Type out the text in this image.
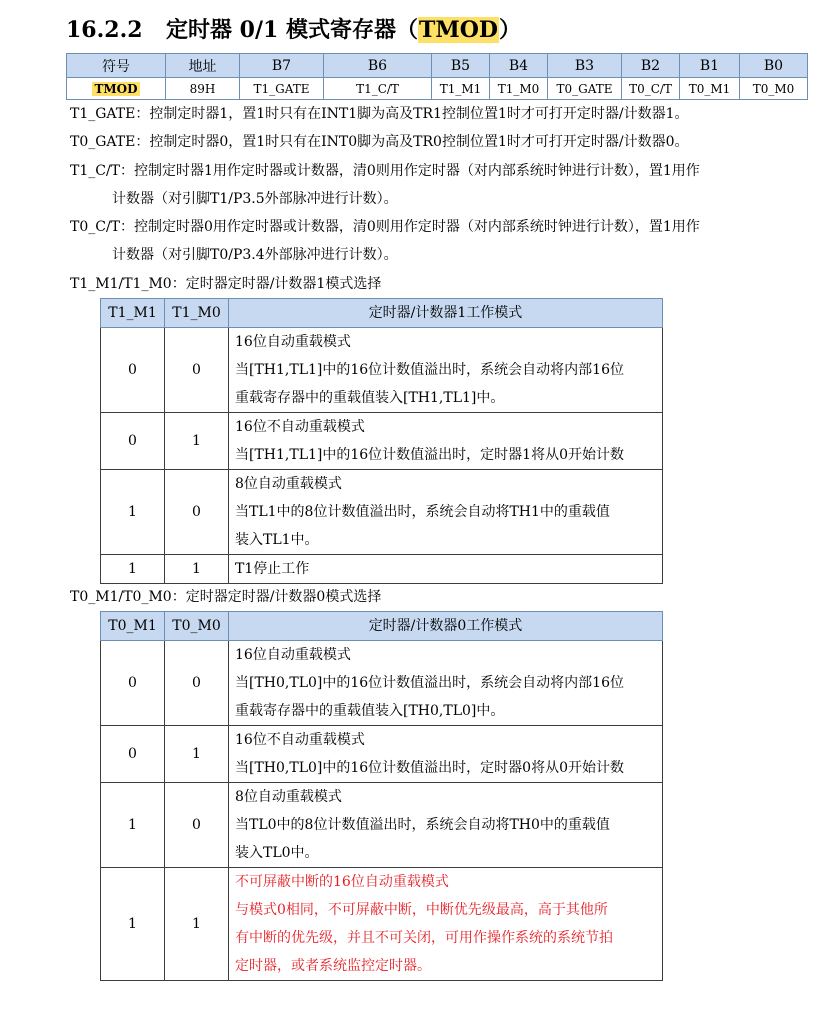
16.2.2 定时器 0/1 模式寄存器（TMOD）
符号	地址	B7	B6	B5	B4	B3	B2	B1	B0
TMOD	89H	T1_GATE	T1_C/T	T1_M1	T1_M0	T0_GATE	T0_C/T	T0_M1	T0_M0
T1_GATE：控制定时器1，置1时只有在INT1脚为高及TR1控制位置1时才可打开定时器/计数器1。
T0_GATE：控制定时器0，置1时只有在INT0脚为高及TR0控制位置1时才可打开定时器/计数器0。
T1_C/T：控制定时器1用作定时器或计数器，清0则用作定时器（对内部系统时钟进行计数），置1用作
计数器（对引脚T1/P3.5外部脉冲进行计数）。
T0_C/T：控制定时器0用作定时器或计数器，清0则用作定时器（对内部系统时钟进行计数），置1用作
计数器（对引脚T0/P3.4外部脉冲进行计数）。
T1_M1/T1_M0：定时器定时器/计数器1模式选择
T1_M1	T1_M0	定时器/计数器1工作模式
0	0	16位自动重载模式
当[TH1,TL1]中的16位计数值溢出时，系统会自动将内部16位
重载寄存器中的重载值装入[TH1,TL1]中。

0	1	16位不自动重载模式
当[TH1,TL1]中的16位计数值溢出时，定时器1将从0开始计数

1	0	8位自动重载模式
当TL1中的8位计数值溢出时，系统会自动将TH1中的重载值
装入TL1中。

1	1	T1停止工作
T0_M1/T0_M0：定时器定时器/计数器0模式选择
T0_M1	T0_M0	定时器/计数器0工作模式
0	0	16位自动重载模式
当[TH0,TL0]中的16位计数值溢出时，系统会自动将内部16位
重载寄存器中的重载值装入[TH0,TL0]中。

0	1	16位不自动重载模式
当[TH0,TL0]中的16位计数值溢出时，定时器0将从0开始计数

1	0	8位自动重载模式
当TL0中的8位计数值溢出时，系统会自动将TH0中的重载值
装入TL0中。

1	1	不可屏蔽中断的16位自动重载模式
与模式0相同，不可屏蔽中断，中断优先级最高，高于其他所
有中断的优先级，并且不可关闭，可用作操作系统的系统节拍
定时器，或者系统监控定时器。
